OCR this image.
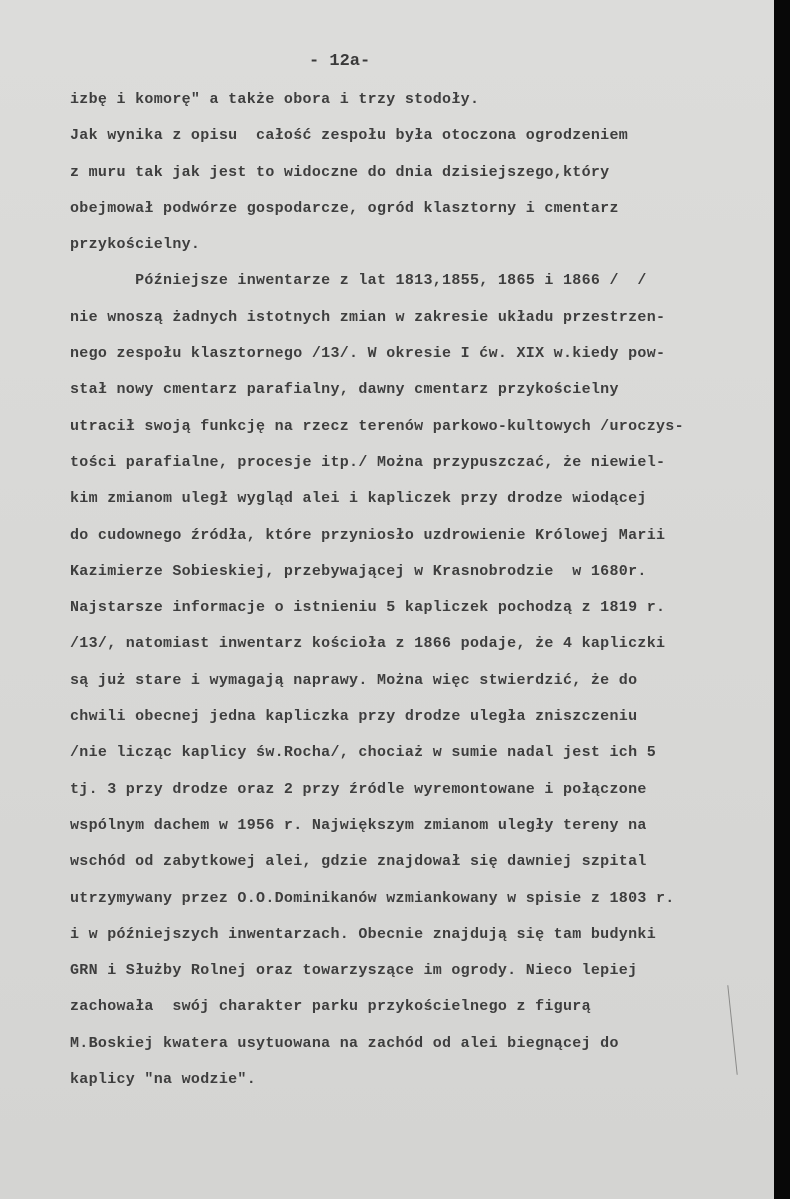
- 12a-

izbę i komorę" a także obora i trzy stodoły.
Jak wynika z opisu  całość zespołu była otoczona ogrodzeniem
z muru tak jak jest to widoczne do dnia dzisiejszego,który
obejmował podwórze gospodarcze, ogród klasztorny i cmentarz
przykościelny.
Późniejsze inwentarze z lat 1813,1855, 1865 i 1866 /  /
nie wnoszą żadnych istotnych zmian w zakresie układu przestrzen-
nego zespołu klasztornego /13/. W okresie I ćw. XIX w.kiedy pow-
stał nowy cmentarz parafialny, dawny cmentarz przykościelny
utracił swoją funkcję na rzecz terenów parkowo-kultowych /uroczys-
tości parafialne, procesje itp./ Można przypuszczać, że niewiel-
kim zmianom uległ wygląd alei i kapliczek przy drodze wiodącej
do cudownego źródła, które przyniosło uzdrowienie Królowej Marii
Kazimierze Sobieskiej, przebywającej w Krasnobrodzie  w 1680r.
Najstarsze informacje o istnieniu 5 kapliczek pochodzą z 1819 r.
/13/, natomiast inwentarz kościoła z 1866 podaje, że 4 kapliczki
są już stare i wymagają naprawy. Można więc stwierdzić, że do
chwili obecnej jedna kapliczka przy drodze uległa zniszczeniu
/nie licząc kaplicy św.Rocha/, chociaż w sumie nadal jest ich 5
tj. 3 przy drodze oraz 2 przy źródle wyremontowane i połączone
wspólnym dachem w 1956 r. Największym zmianom uległy tereny na
wschód od zabytkowej alei, gdzie znajdował się dawniej szpital
utrzymywany przez O.O.Dominikanów wzmiankowany w spisie z 1803 r.
i w późniejszych inwentarzach. Obecnie znajdują się tam budynki
GRN i Służby Rolnej oraz towarzyszące im ogrody. Nieco lepiej
zachowała  swój charakter parku przykościelnego z figurą
M.Boskiej kwatera usytuowana na zachód od alei biegnącej do
kaplicy "na wodzie".
